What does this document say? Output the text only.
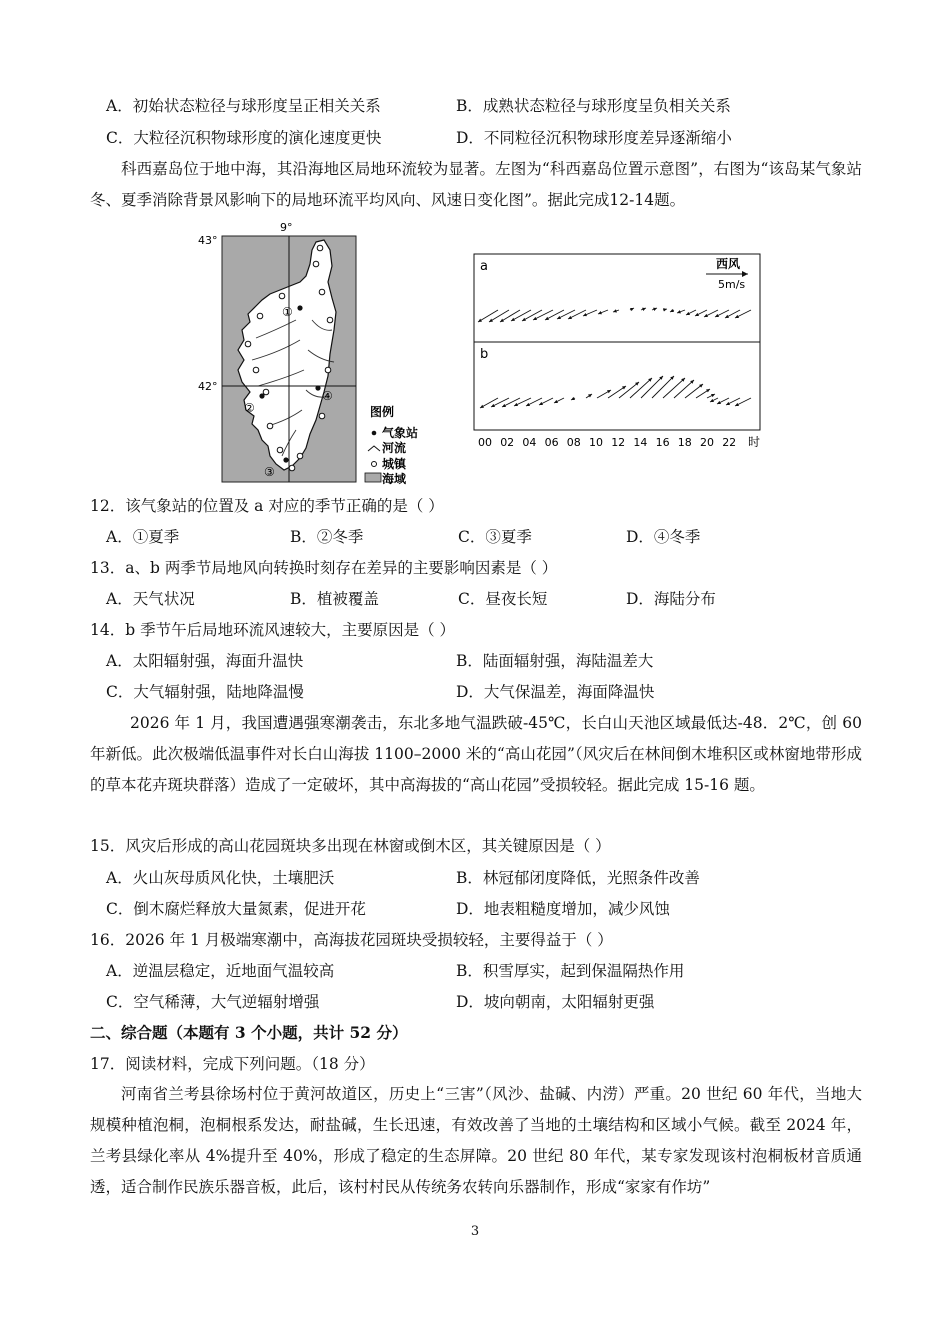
A．初始状态粒径与球形度呈正相关关系	B．成熟状态粒径与球形度呈负相关关系
C．大粒径沉积物球形度的演化速度更快	D．不同粒径沉积物球形度差异逐渐缩小
科西嘉岛位于地中海，其沿海地区局地环流较为显著。左图为“科西嘉岛位置示意图”，右图为“该岛某气象站冬、夏季消除背景风影响下的局地环流平均风向、风速日变化图”。据此完成12-14题。
①
②
③
④
9°
43°
42°
图例
气象站
河流
城镇
海域
a
b
西风
5m/s
00 02 04 06 08 10 12 14 16 18 20 22 时
12．该气象站的位置及 a 对应的季节正确的是（ ）
A．①夏季	B．②冬季	C．③夏季	D．④冬季
13．a、b 两季节局地风向转换时刻存在差异的主要影响因素是（ ）
A．天气状况	B．植被覆盖	C．昼夜长短	D．海陆分布
14．b 季节午后局地环流风速较大，主要原因是（ ）
A．太阳辐射强，海面升温快	B．陆面辐射强，海陆温差大
C．大气辐射强，陆地降温慢	D．大气保温差，海面降温快
2026 年 1 月，我国遭遇强寒潮袭击，东北多地气温跌破-45℃，长白山天池区域最低达-48．2℃，创 60 年新低。此次极端低温事件对长白山海拔 1100–2000 米的“高山花园”（风灾后在林间倒木堆积区或林窗地带形成的草本花卉斑块群落）造成了一定破坏，其中高海拔的“高山花园”受损较轻。据此完成 15-16 题。
15．风灾后形成的高山花园斑块多出现在林窗或倒木区，其关键原因是（ ）
A．火山灰母质风化快，土壤肥沃	B．林冠郁闭度降低，光照条件改善
C．倒木腐烂释放大量氮素，促进开花	D．地表粗糙度增加，减少风蚀
16．2026 年 1 月极端寒潮中，高海拔花园斑块受损较轻，主要得益于（ ）
A．逆温层稳定，近地面气温较高	B．积雪厚实，起到保温隔热作用
C．空气稀薄，大气逆辐射增强	D．坡向朝南，太阳辐射更强
二、综合题（本题有 3 个小题，共计 52 分）
17．阅读材料，完成下列问题。（18 分）
河南省兰考县徐场村位于黄河故道区，历史上“三害”（风沙、盐碱、内涝）严重。20 世纪 60 年代，当地大规模种植泡桐，泡桐根系发达，耐盐碱，生长迅速，有效改善了当地的土壤结构和区域小气候。截至 2024 年，兰考县绿化率从 4%提升至 40%，形成了稳定的生态屏障。20 世纪 80 年代，某专家发现该村泡桐板材音质通透，适合制作民族乐器音板，此后，该村村民从传统务农转向乐器制作，形成“家家有作坊”
3
